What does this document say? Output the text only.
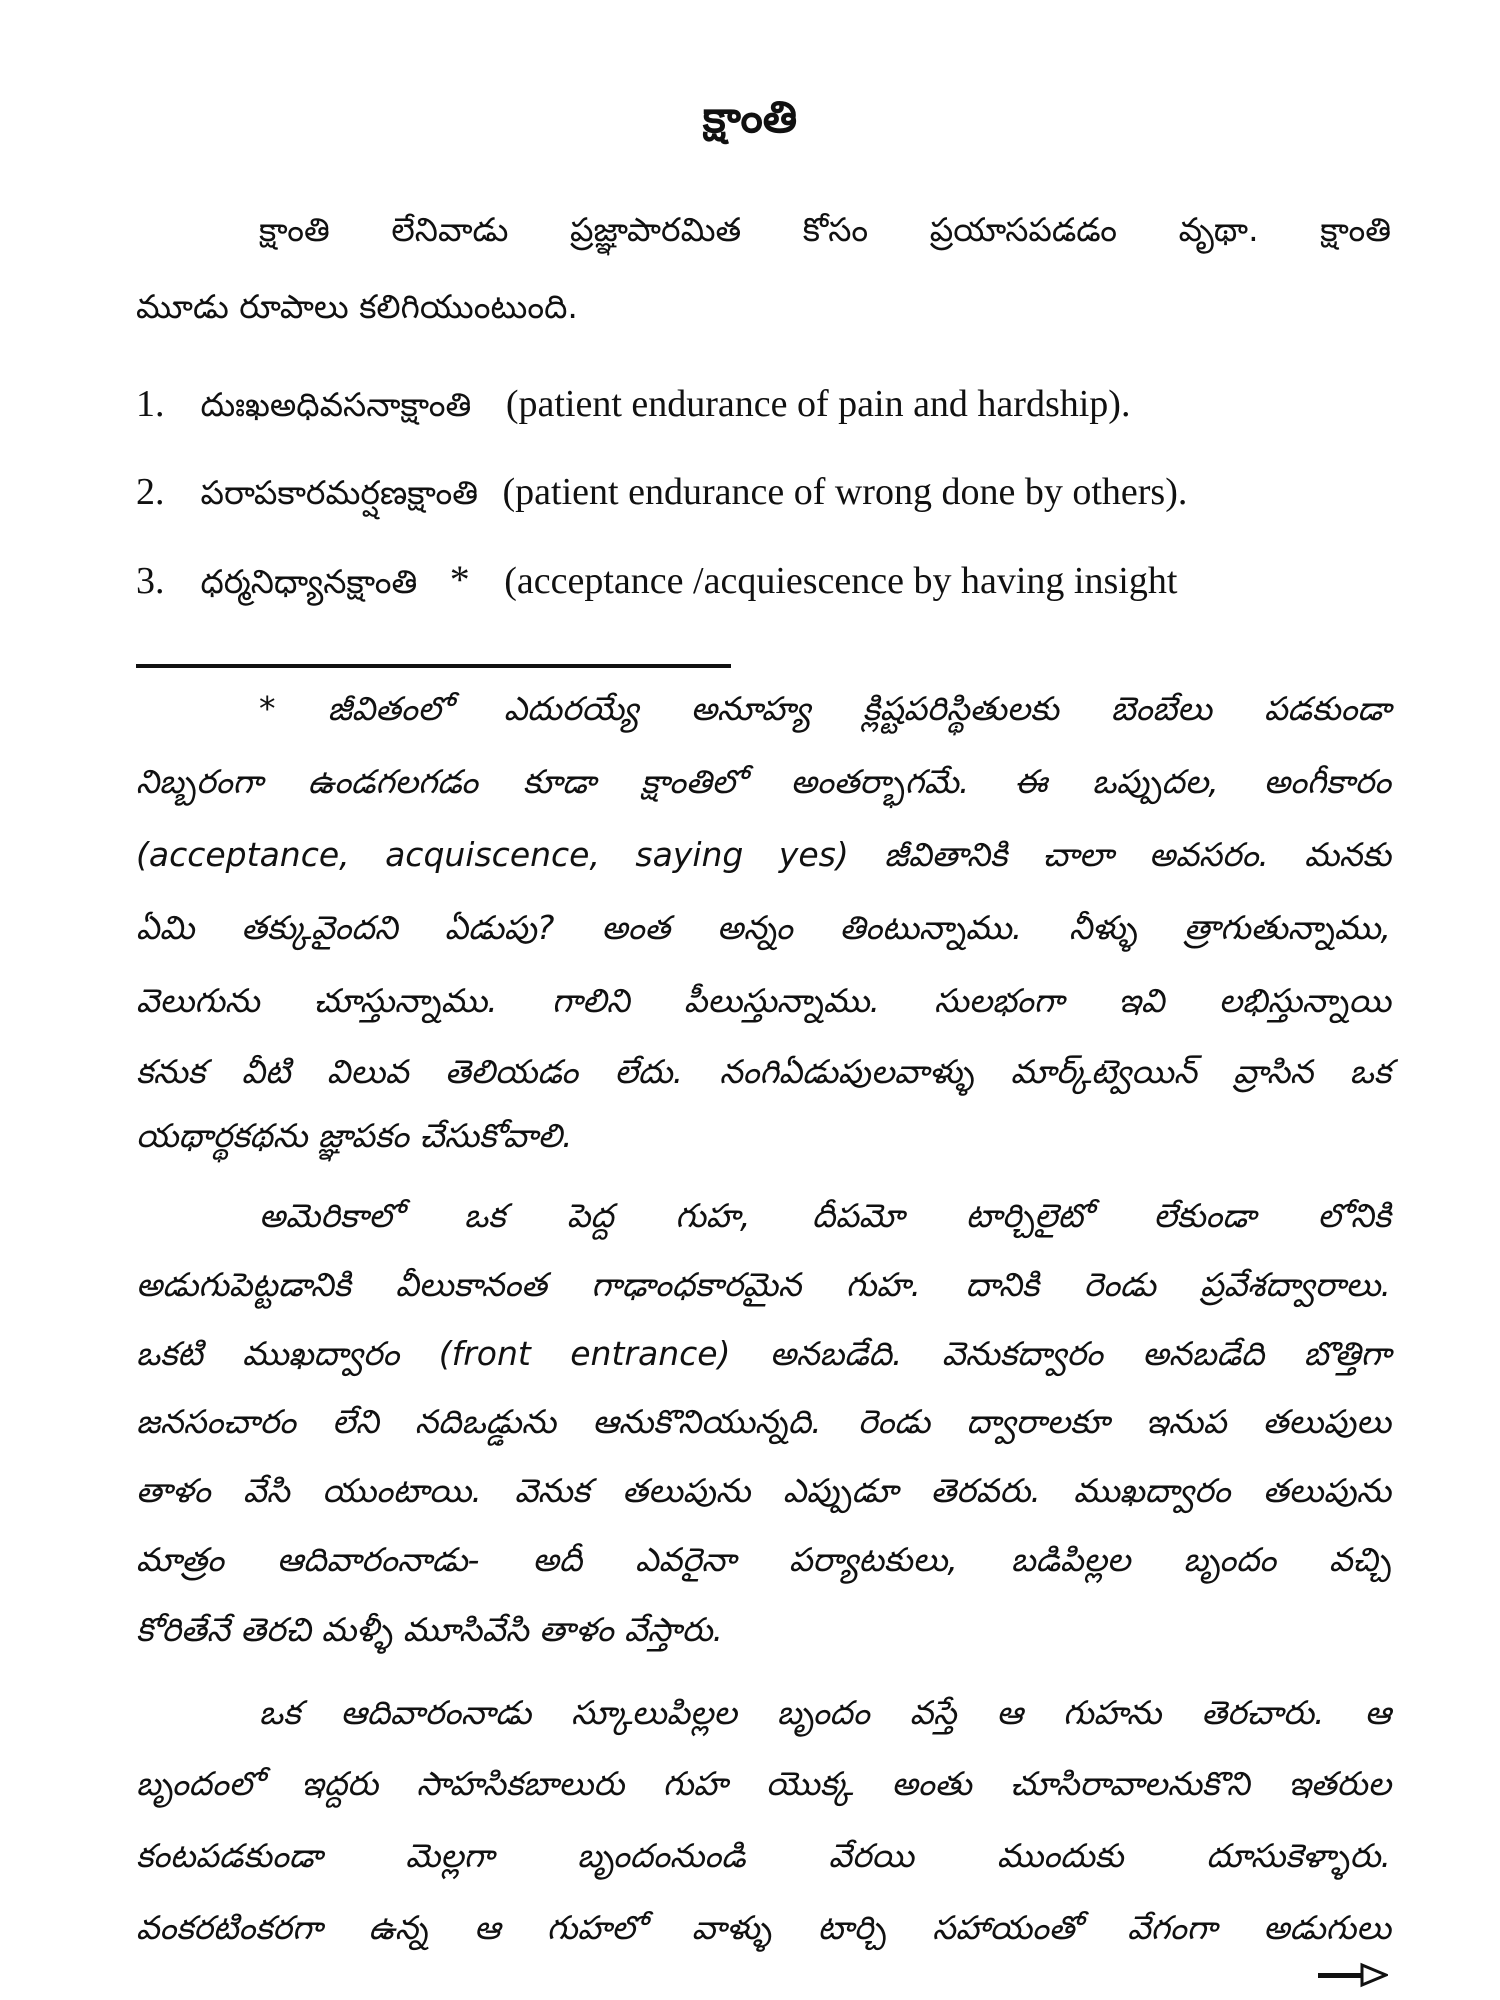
క్షాంతి
క్షాంతి లేనివాడు ప్రజ్ఞాపారమిత కోసం ప్రయాసపడడం వృథా. క్షాంతి
మూడు రూపాలు కలిగియుంటుంది.
1. దుఃఖఅధివసనాక్షాంతి (patient endurance of pain and hardship).
2. పరాపకారమర్షణక్షాంతి (patient endurance of wrong done by others).
3. ధర్మనిధ్యానక్షాంతి * (acceptance /acquiescence by having insight
* జీవితంలో ఎదురయ్యే అనూహ్య క్లిష్టపరిస్థితులకు బెంబేలు పడకుండా
నిబ్బరంగా ఉండగలగడం కూడా క్షాంతిలో అంతర్భాగమే. ఈ ఒప్పుదల, అంగీకారం
(acceptance, acquiscence, saying yes) జీవితానికి చాలా అవసరం. మనకు
ఏమి తక్కువైందని ఏడుపు? అంత అన్నం తింటున్నాము. నీళ్ళు త్రాగుతున్నాము,
వెలుగును చూస్తున్నాము. గాలిని పీలుస్తున్నాము. సులభంగా ఇవి లభిస్తున్నాయి
కనుక వీటి విలువ తెలియడం లేదు. నంగిఏడుపులవాళ్ళు మార్క్‌ట్వెయిన్ వ్రాసిన ఒక
యథార్థకథను జ్ఞాపకం చేసుకోవాలి.
అమెరికాలో ఒక పెద్ద గుహ, దీపమో టార్చిలైటో లేకుండా లోనికి
అడుగుపెట్టడానికి వీలుకానంత గాఢాంధకారమైన గుహ. దానికి రెండు ప్రవేశద్వారాలు.
ఒకటి ముఖద్వారం (front entrance) అనబడేది. వెనుకద్వారం అనబడేది బొత్తిగా
జనసంచారం లేని నదిఒడ్డును ఆనుకొనియున్నది. రెండు ద్వారాలకూ ఇనుప తలుపులు
తాళం వేసి యుంటాయి. వెనుక తలుపును ఎప్పుడూ తెరవరు. ముఖద్వారం తలుపును
మాత్రం ఆదివారంనాడు- అదీ ఎవరైనా పర్యాటకులు, బడిపిల్లల బృందం వచ్చి
కోరితేనే తెరచి మళ్ళీ మూసివేసి తాళం వేస్తారు.
ఒక ఆదివారంనాడు స్కూలుపిల్లల బృందం వస్తే ఆ గుహను తెరచారు. ఆ
బృందంలో ఇద్దరు సాహసికబాలురు గుహ యొక్క అంతు చూసిరావాలనుకొని ఇతరుల
కంటపడకుండా మెల్లగా బృందంనుండి వేరయి ముందుకు దూసుకెళ్ళారు.
వంకరటింకరగా ఉన్న ఆ గుహలో వాళ్ళు టార్చి సహాయంతో వేగంగా అడుగులు
